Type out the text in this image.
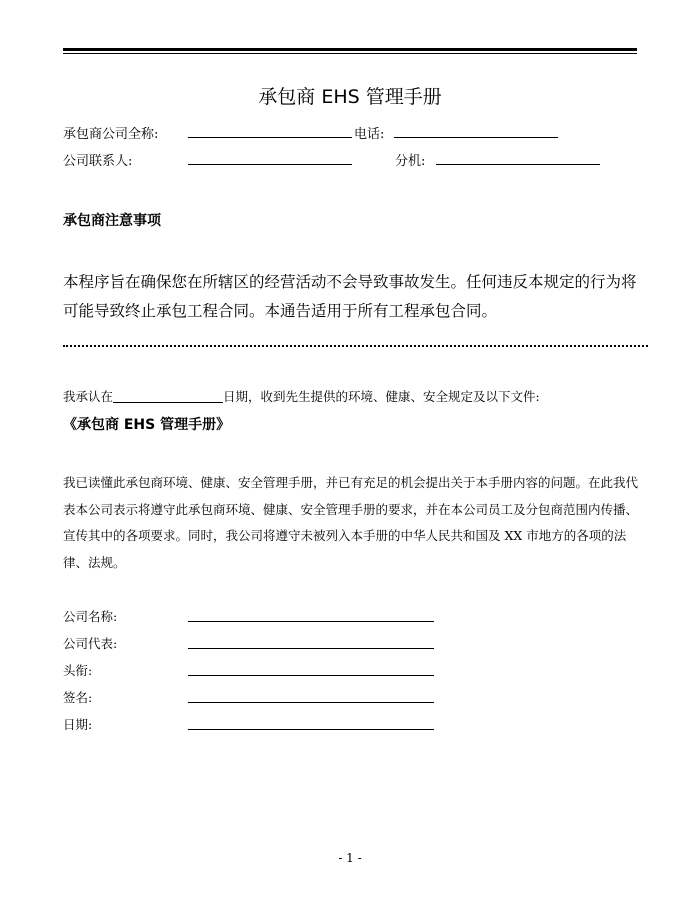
承包商 EHS 管理手册
承包商公司全称:	电话:
公司联系人:	分机:
承包商注意事项
本程序旨在确保您在所辖区的经营活动不会导致事故发生。任何违反本规定的行为将可能导致终止承包工程合同。本通告适用于所有工程承包合同。
我承认在	日期，收到先生提供的环境、健康、安全规定及以下文件:
《承包商 EHS 管理手册》
我已读懂此承包商环境、健康、安全管理手册，并已有充足的机会提出关于本手册内容的问题。在此我代表本公司表示将遵守此承包商环境、健康、安全管理手册的要求，并在本公司员工及分包商范围内传播、宣传其中的各项要求。同时，我公司将遵守未被列入本手册的中华人民共和国及 XX 市地方的各项的法律、法规。
公司名称:
公司代表:
头衔:
签名:
日期:
- 1 -
